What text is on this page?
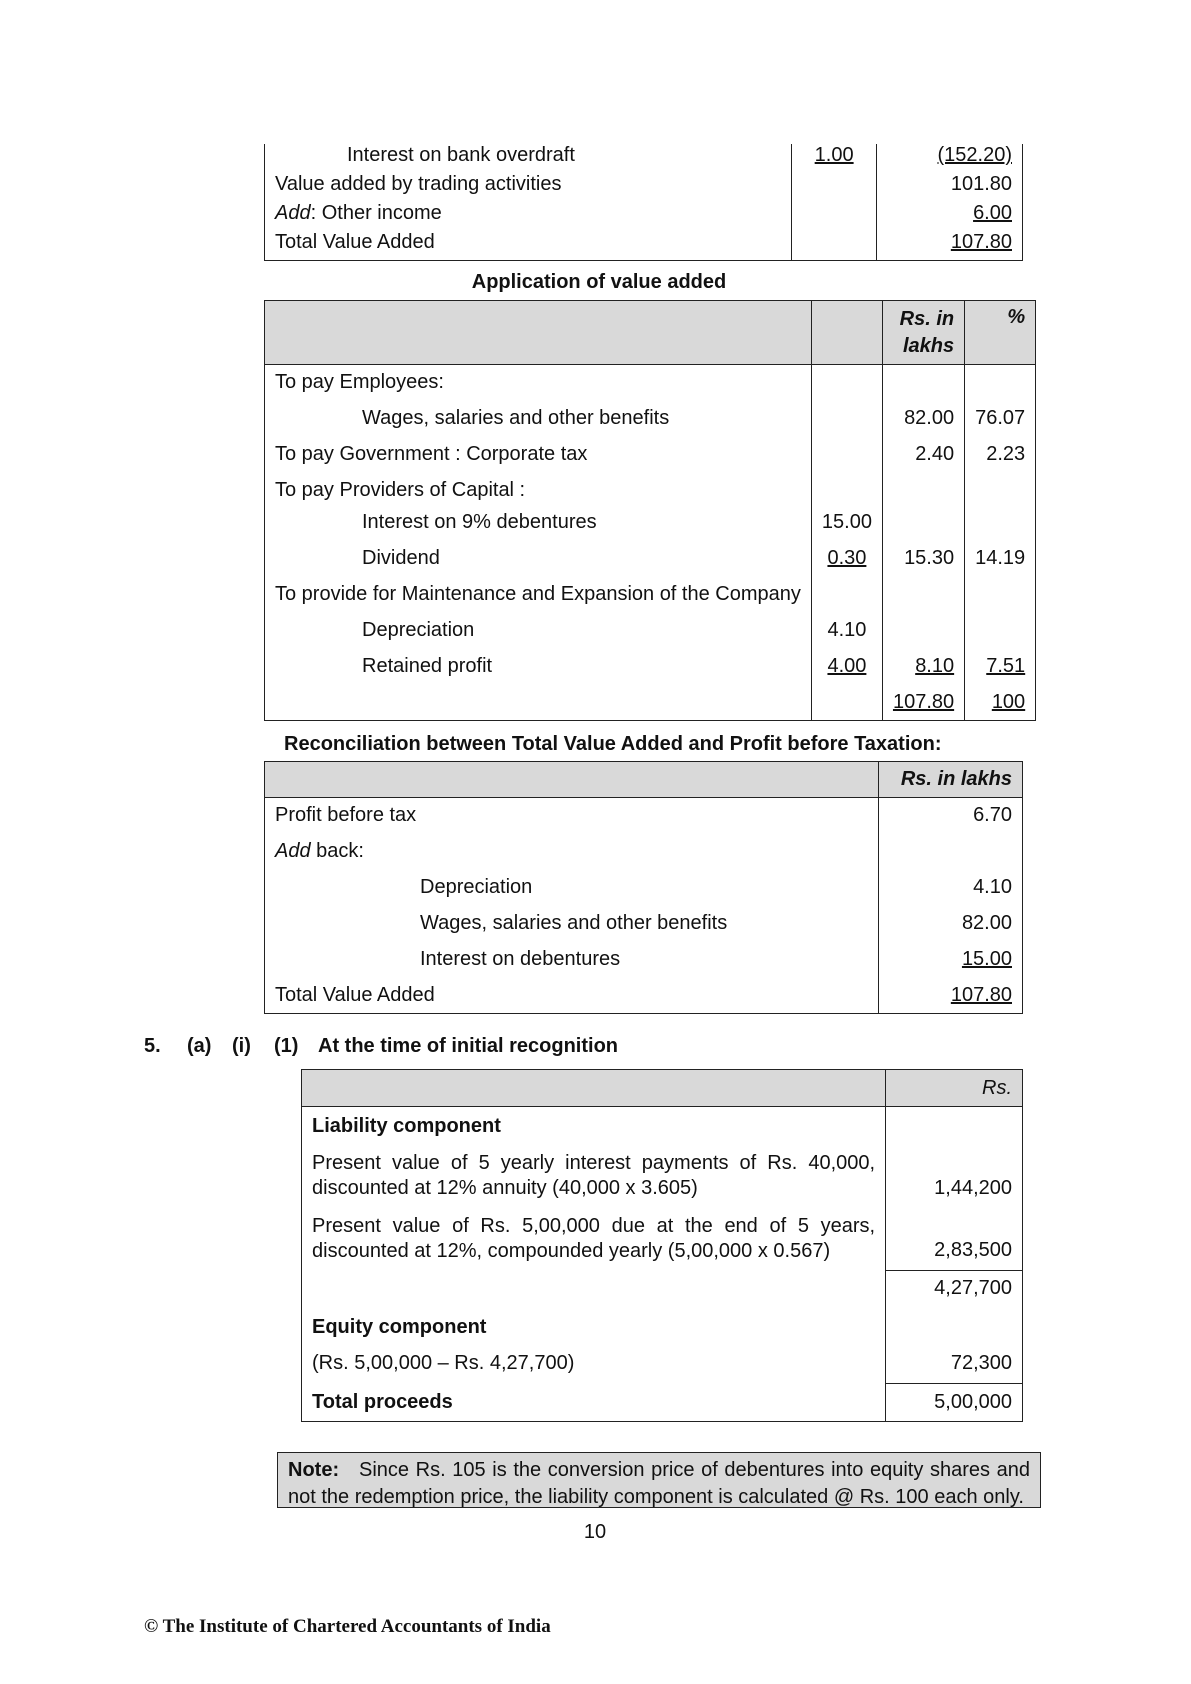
Interest on bank overdraft	1.00	(152.20)
Value added by trading activities		101.80
Add: Other income		6.00
Total Value Added		107.80
Application of value added

		Rs. in
lakhs	%
To pay Employees:			
Wages, salaries and other benefits		82.00	76.07
To pay Government : Corporate tax		2.40	2.23
To pay Providers of Capital :			
Interest on 9% debentures	15.00		
Dividend	0.30	15.30	14.19
To provide for Maintenance and Expansion of the Company			
Depreciation	4.10		
Retained profit	4.00	8.10	7.51
		107.80	100
Reconciliation between Total Value Added and Profit before Taxation:
	Rs. in lakhs
Profit before tax	6.70
Add back:	
Depreciation	4.10
Wages, salaries and other benefits	82.00
Interest on debentures	15.00
Total Value Added	107.80
5. (a) (i) (1) At the time of initial recognition
	Rs.
Liability component	
Present value of 5 yearly interest payments of Rs. 40,000, discounted at 12% annuity (40,000 x 3.605)	1,44,200
Present value of Rs. 5,00,000 due at the end of 5 years, discounted at 12%, compounded yearly (5,00,000 x 0.567)	2,83,500
	4,27,700
Equity component	
(Rs. 5,00,000 – Rs. 4,27,700)	72,300
Total proceeds	5,00,000
Note: Since Rs. 105 is the conversion price of debentures into equity shares and not the redemption price, the liability component is calculated @ Rs. 100 each only.
10
© The Institute of Chartered Accountants of India
